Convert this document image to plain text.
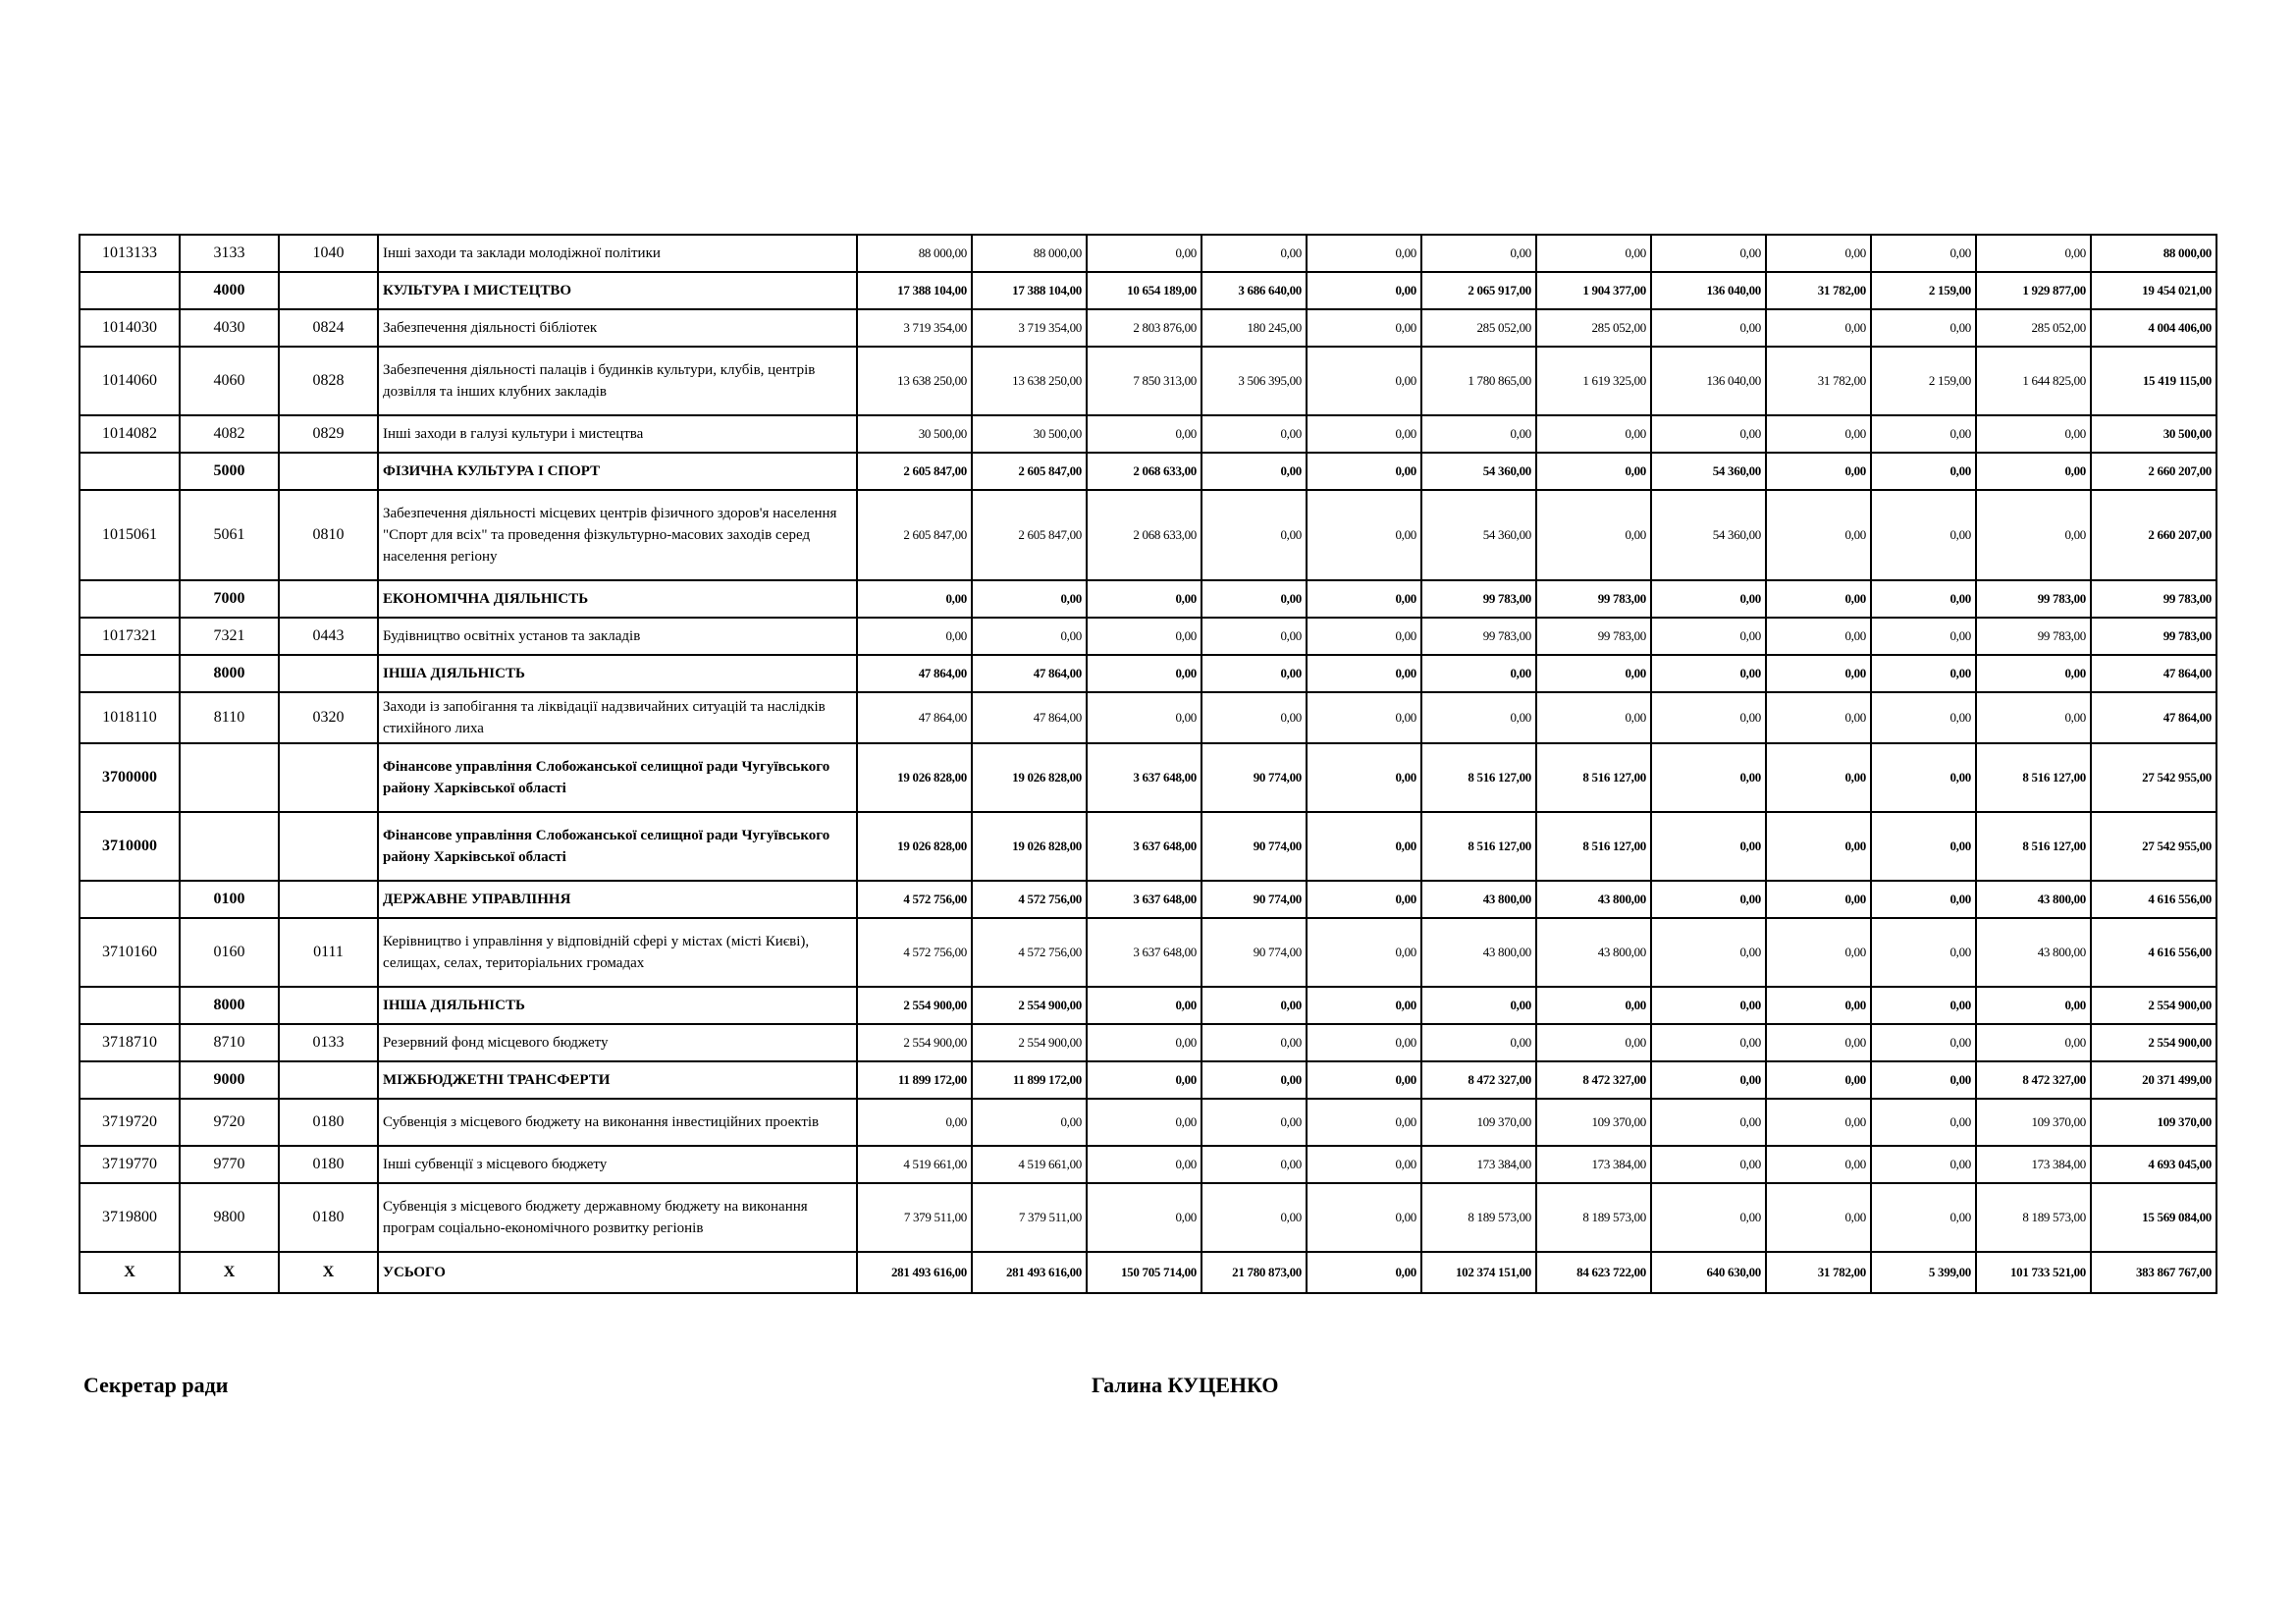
1013133	3133	1040	Інші заходи та заклади молодіжної політики	88 000,00	88 000,00	0,00	0,00	0,00	0,00	0,00	0,00	0,00	0,00	0,00	88 000,00
	4000		КУЛЬТУРА І МИСТЕЦТВО	17 388 104,00	17 388 104,00	10 654 189,00	3 686 640,00	0,00	2 065 917,00	1 904 377,00	136 040,00	31 782,00	2 159,00	1 929 877,00	19 454 021,00
1014030	4030	0824	Забезпечення діяльності бібліотек	3 719 354,00	3 719 354,00	2 803 876,00	180 245,00	0,00	285 052,00	285 052,00	0,00	0,00	0,00	285 052,00	4 004 406,00
1014060	4060	0828	Забезпечення діяльності палаців і будинків культури, клубів, центрів дозвілля та інших клубних закладів	13 638 250,00	13 638 250,00	7 850 313,00	3 506 395,00	0,00	1 780 865,00	1 619 325,00	136 040,00	31 782,00	2 159,00	1 644 825,00	15 419 115,00
1014082	4082	0829	Інші заходи в галузі культури і мистецтва	30 500,00	30 500,00	0,00	0,00	0,00	0,00	0,00	0,00	0,00	0,00	0,00	30 500,00
	5000		ФІЗИЧНА КУЛЬТУРА І СПОРТ	2 605 847,00	2 605 847,00	2 068 633,00	0,00	0,00	54 360,00	0,00	54 360,00	0,00	0,00	0,00	2 660 207,00
1015061	5061	0810	Забезпечення діяльності місцевих центрів фізичного здоров'я населення "Спорт для всіх" та проведення фізкультурно-масових заходів серед населення регіону	2 605 847,00	2 605 847,00	2 068 633,00	0,00	0,00	54 360,00	0,00	54 360,00	0,00	0,00	0,00	2 660 207,00
	7000		ЕКОНОМІЧНА ДІЯЛЬНІСТЬ	0,00	0,00	0,00	0,00	0,00	99 783,00	99 783,00	0,00	0,00	0,00	99 783,00	99 783,00
1017321	7321	0443	Будівництво освітніх установ та закладів	0,00	0,00	0,00	0,00	0,00	99 783,00	99 783,00	0,00	0,00	0,00	99 783,00	99 783,00
	8000		ІНША ДІЯЛЬНІСТЬ	47 864,00	47 864,00	0,00	0,00	0,00	0,00	0,00	0,00	0,00	0,00	0,00	47 864,00
1018110	8110	0320	Заходи із запобігання та ліквідації надзвичайних ситуацій та наслідків стихійного лиха	47 864,00	47 864,00	0,00	0,00	0,00	0,00	0,00	0,00	0,00	0,00	0,00	47 864,00
3700000			Фінансове управління Слобожанської селищної ради Чугуївського району Харківської області	19 026 828,00	19 026 828,00	3 637 648,00	90 774,00	0,00	8 516 127,00	8 516 127,00	0,00	0,00	0,00	8 516 127,00	27 542 955,00
3710000			Фінансове управління Слобожанської селищної ради Чугуївського району Харківської області	19 026 828,00	19 026 828,00	3 637 648,00	90 774,00	0,00	8 516 127,00	8 516 127,00	0,00	0,00	0,00	8 516 127,00	27 542 955,00
	0100		ДЕРЖАВНЕ УПРАВЛІННЯ	4 572 756,00	4 572 756,00	3 637 648,00	90 774,00	0,00	43 800,00	43 800,00	0,00	0,00	0,00	43 800,00	4 616 556,00
3710160	0160	0111	Керівництво і управління у відповідній сфері у містах (місті Києві), селищах, селах, територіальних громадах	4 572 756,00	4 572 756,00	3 637 648,00	90 774,00	0,00	43 800,00	43 800,00	0,00	0,00	0,00	43 800,00	4 616 556,00
	8000		ІНША ДІЯЛЬНІСТЬ	2 554 900,00	2 554 900,00	0,00	0,00	0,00	0,00	0,00	0,00	0,00	0,00	0,00	2 554 900,00
3718710	8710	0133	Резервний фонд місцевого бюджету	2 554 900,00	2 554 900,00	0,00	0,00	0,00	0,00	0,00	0,00	0,00	0,00	0,00	2 554 900,00
	9000		МІЖБЮДЖЕТНІ ТРАНСФЕРТИ	11 899 172,00	11 899 172,00	0,00	0,00	0,00	8 472 327,00	8 472 327,00	0,00	0,00	0,00	8 472 327,00	20 371 499,00
3719720	9720	0180	Субвенція з місцевого бюджету на виконання інвестиційних проектів	0,00	0,00	0,00	0,00	0,00	109 370,00	109 370,00	0,00	0,00	0,00	109 370,00	109 370,00
3719770	9770	0180	Інші субвенції з місцевого бюджету	4 519 661,00	4 519 661,00	0,00	0,00	0,00	173 384,00	173 384,00	0,00	0,00	0,00	173 384,00	4 693 045,00
3719800	9800	0180	Субвенція з місцевого бюджету державному бюджету на виконання програм соціально-економічного розвитку регіонів	7 379 511,00	7 379 511,00	0,00	0,00	0,00	8 189 573,00	8 189 573,00	0,00	0,00	0,00	8 189 573,00	15 569 084,00
X	X	X	УСЬОГО	281 493 616,00	281 493 616,00	150 705 714,00	21 780 873,00	0,00	102 374 151,00	84 623 722,00	640 630,00	31 782,00	5 399,00	101 733 521,00	383 867 767,00
Секретар ради	Галина КУЦЕНКО
